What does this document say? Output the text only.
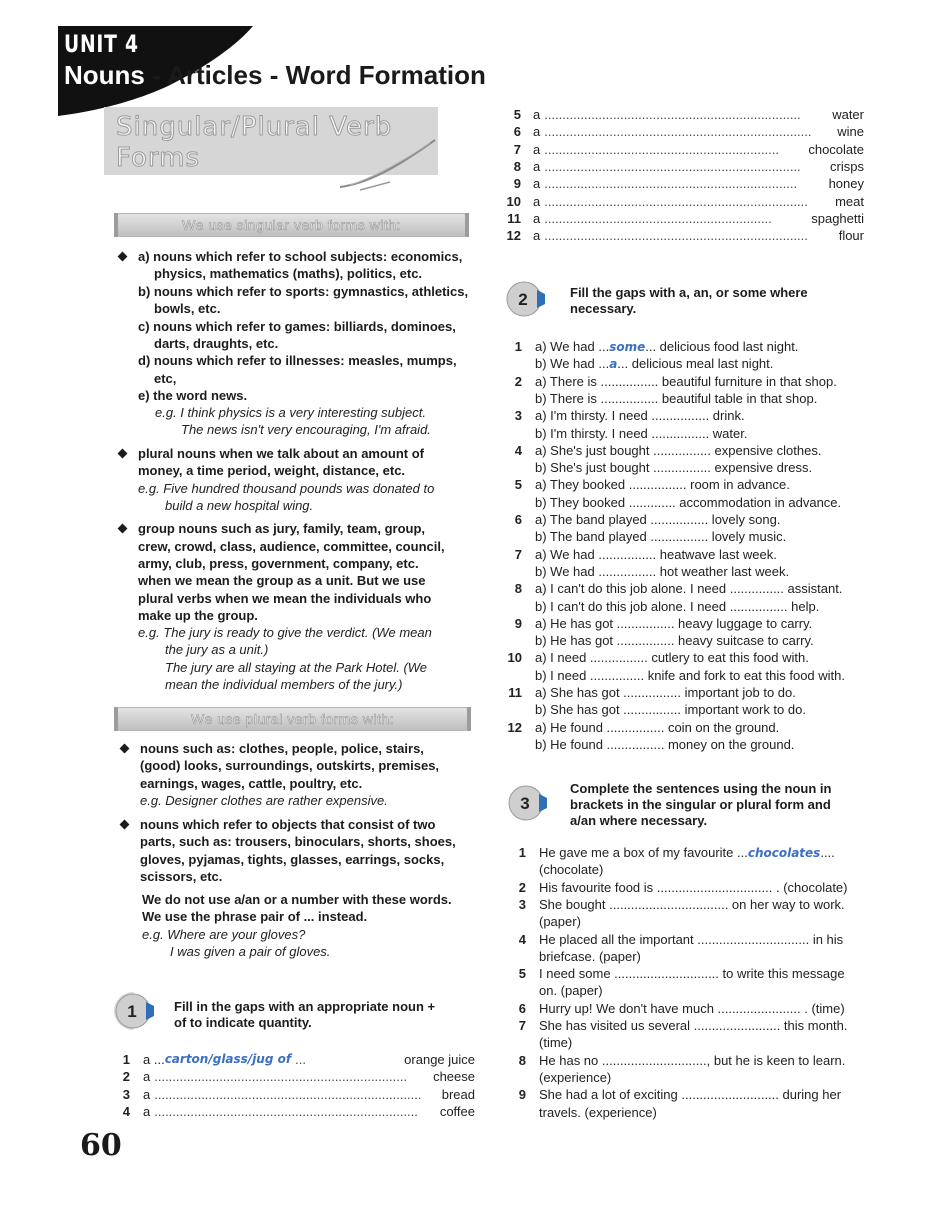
UNIT 4
Nouns - Articles - Word Formation
Singular/Plural Verb
Forms
We use singular verb forms with:
a) nouns which refer to school subjects: economics,
physics, mathematics (maths), politics, etc.
b) nouns which refer to sports: gymnastics, athletics,
bowls, etc.
c) nouns which refer to games: billiards, dominoes,
darts, draughts, etc.
d) nouns which refer to illnesses: measles, mumps,
etc,
e) the word news.
e.g. I think physics is a very interesting subject.
The news isn't very encouraging, I'm afraid.
plural nouns when we talk about an amount of
money, a time period, weight, distance, etc.
e.g. Five hundred thousand pounds was donated to
build a new hospital wing.
group nouns such as jury, family, team, group,
crew, crowd, class, audience, committee, council,
army, club, press, government, company, etc.
when we mean the group as a unit. But we use
plural verbs when we mean the individuals who
make up the group.
e.g. The jury is ready to give the verdict. (We mean
the jury as a unit.)
The jury are all staying at the Park Hotel. (We
mean the individual members of the jury.)
We use plural verb forms with:
nouns such as: clothes, people, police, stairs,
(good) looks, surroundings, outskirts, premises,
earnings, wages, cattle, poultry, etc.
e.g. Designer clothes are rather expensive.
nouns which refer to objects that consist of two
parts, such as: trousers, binoculars, shorts, shoes,
gloves, pyjamas, tights, glasses, earrings, socks,
scissors, etc.
We do not use a/an or a number with these words.
We use the phrase pair of ... instead.
e.g. Where are your gloves?
I was given a pair of gloves.
1	Fill in the gaps with an appropriate noun +
of to indicate quantity.
1 a ... carton/glass/jug of ...	orange juice
2 a ......................................................................	cheese
3 a ..........................................................................	bread
4 a .........................................................................	coffee
5 a .......................................................................	water
6 a ..........................................................................	wine
7 a .................................................................	chocolate
8 a .......................................................................	crisps
9 a ......................................................................	honey
10 a .........................................................................	meat
11 a ...............................................................	spaghetti
12 a .........................................................................	flour
2	Fill the gaps with a, an, or some where
necessary.
1 a) We had ...some... delicious food last night.
b) We had ...a... delicious meal last night.
2 a) There is ................ beautiful furniture in that shop.
b) There is ................ beautiful table in that shop.
3 a) I'm thirsty. I need ................ drink.
b) I'm thirsty. I need ................ water.
4 a) She's just bought ................ expensive clothes.
b) She's just bought ................ expensive dress.
5 a) They booked ................ room in advance.
b) They booked ............. accommodation in advance.
6 a) The band played ................ lovely song.
b) The band played ................ lovely music.
7 a) We had ................ heatwave last week.
b) We had ................ hot weather last week.
8 a) I can't do this job alone. I need ............... assistant.
b) I can't do this job alone. I need ................ help.
9 a) He has got ................ heavy luggage to carry.
b) He has got ................ heavy suitcase to carry.
10 a) I need ................ cutlery to eat this food with.
b) I need ............... knife and fork to eat this food with.
11 a) She has got ................ important job to do.
b) She has got ................ important work to do.
12 a) He found ................ coin on the ground.
b) He found ................ money on the ground.
3
Complete the sentences using the noun in
brackets in the singular or plural form and
a/an where necessary.
1 He gave me a box of my favourite ...chocolates....
(chocolate)
2 His favourite food is ................................ . (chocolate)
3 She bought ................................. on her way to work.
(paper)
4 He placed all the important ............................... in his
briefcase. (paper)
5 I need some ............................. to write this message
on. (paper)
6 Hurry up! We don't have much ....................... . (time)
7 She has visited us several ........................ this month.
(time)
8 He has no ............................., but he is keen to learn.
(experience)
9 She had a lot of exciting ........................... during her
travels. (experience)
60
